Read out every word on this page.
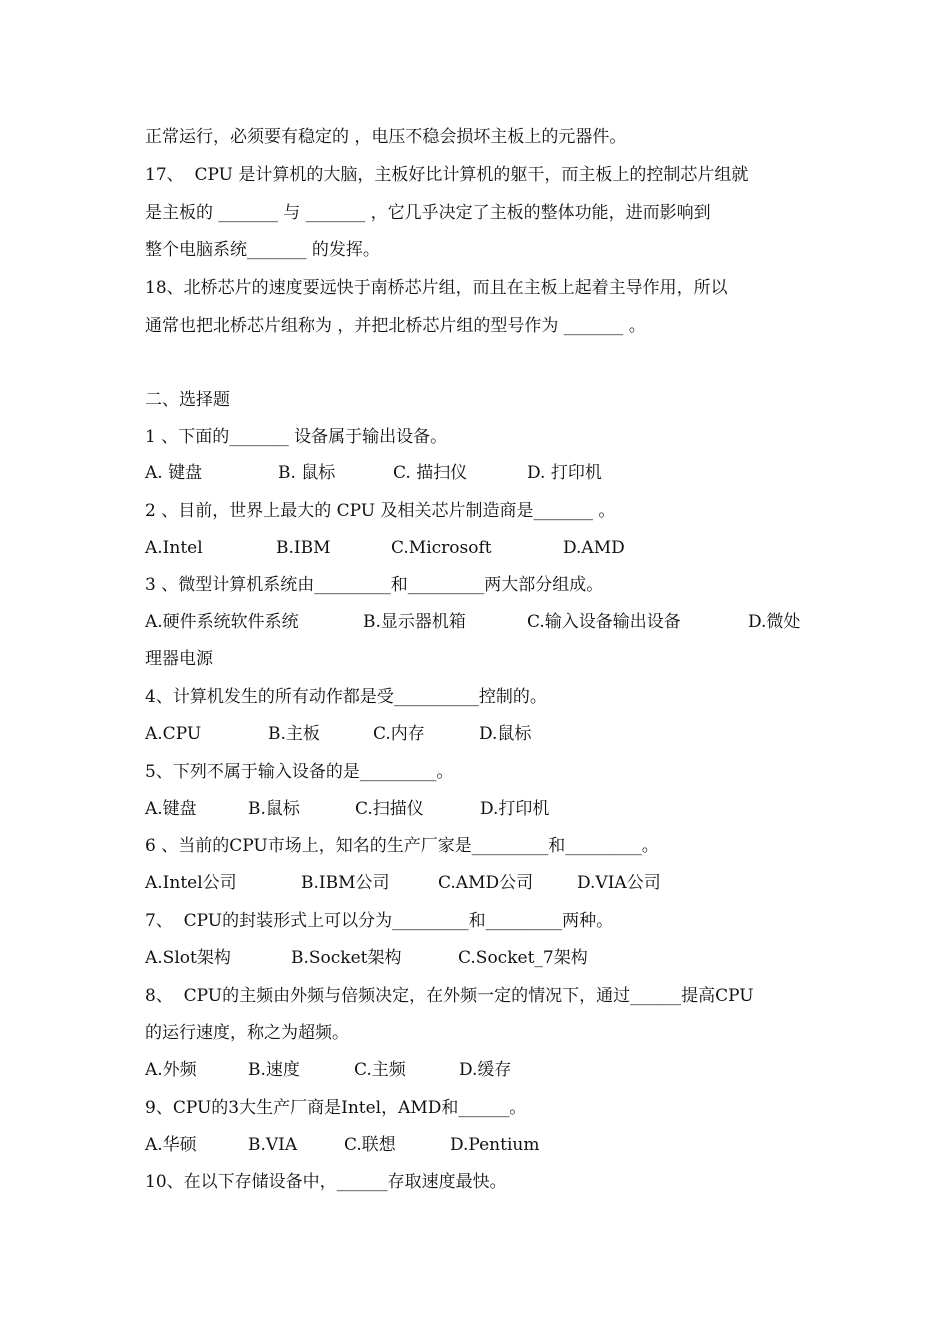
正常运行，必须要有稳定的 ，电压不稳会损坏主板上的元器件。
17、  CPU 是计算机的大脑，主板好比计算机的躯干，而主板上的控制芯片组就
是主板的 _______ 与 _______ ，它几乎决定了主板的整体功能，进而影响到
整个电脑系统_______ 的发挥。
18、北桥芯片的速度要远快于南桥芯片组，而且在主板上起着主导作用，所以
通常也把北桥芯片组称为 ，并把北桥芯片组的型号作为 _______ 。
二、选择题
1 、下面的_______ 设备属于输出设备。
A. 键盘	B. 鼠标	C. 描扫仪	D. 打印机
2 、目前，世界上最大的 CPU 及相关芯片制造商是_______ 。
A.Intel	B.IBM	C.Microsoft	D.AMD
3 、微型计算机系统由_________和_________两大部分组成。
A.硬件系统软件系统	B.显示器机箱	C.输入设备输出设备	D.微处
理器电源
4、计算机发生的所有动作都是受__________控制的。
A.CPU	B.主板	C.内存	D.鼠标
5、下列不属于输入设备的是_________。
A.键盘	B.鼠标	C.扫描仪	D.打印机
6 、当前的CPU市场上，知名的生产厂家是_________和_________。
A.Intel公司	B.IBM公司	C.AMD公司	D.VIA公司
7、  CPU的封装形式上可以分为_________和_________两种。
A.Slot架构	B.Socket架构	C.Socket_7架构
8、  CPU的主频由外频与倍频决定，在外频一定的情况下，通过______提高CPU
的运行速度，称之为超频。
A.外频	B.速度	C.主频	D.缓存
9、CPU的3大生产厂商是Intel，AMD和______。
A.华硕	B.VIA	C.联想	D.Pentium
10、在以下存储设备中，______存取速度最快。
